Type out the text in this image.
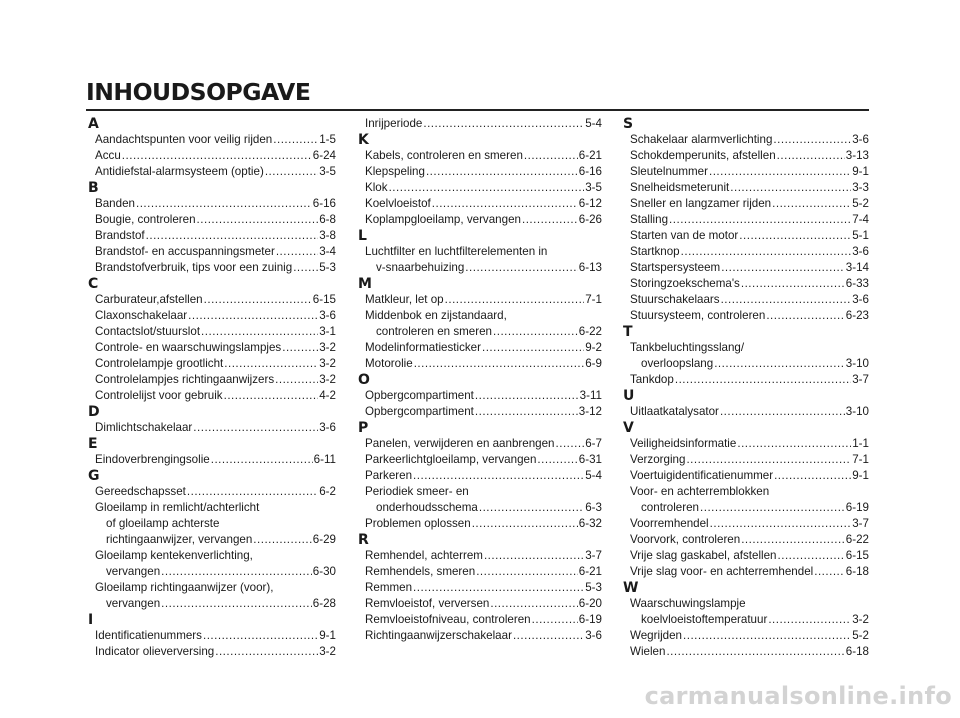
INHOUDSOPGAVE
A
Aandachtspunten voor veilig rijden .....	1-5
Accu .....	6-24
Antidiefstal-alarmsysteem (optie) .....	3-5
B
Banden .....	6-16
Bougie, controleren .....	6-8
Brandstof .....	3-8
Brandstof- en accuspanningsmeter .....	3-4
Brandstofverbruik, tips voor een zuinig ..... 5-3
C
Carburateur,afstellen .....	6-15
Claxonschakelaar .....	3-6
Contactslot/stuurslot .....	3-1
Controle- en waarschuwingslampjes .....	3-2
Controlelampje grootlicht .....	3-2
Controlelampjes richtingaanwijzers .....	3-2
Controlelijst voor gebruik .....	4-2
D
Dimlichtschakelaar .....	3-6
E
Eindoverbrengingsolie .....	6-11
G
Gereedschapsset .....	6-2
Gloeilamp in remlicht/achterlicht
of gloeilamp achterste
richtingaanwijzer, vervangen .....	6-29
Gloeilamp kentekenverlichting,
vervangen .....	6-30
Gloeilamp richtingaanwijzer (voor),
vervangen .....	6-28
I
Identificatienummers .....	9-1
Indicator olieverversing .....	3-2
Inrijperiode .....	5-4
K
Kabels, controleren en smeren .....	6-21
Klepspeling .....	6-16
Klok .....	3-5
Koelvloeistof .....	6-12
Koplampgloeilamp, vervangen .....	6-26
L
Luchtfilter en luchtfilterelementen in
v-snaarbehuizing .....	6-13
M
Matkleur, let op .....	7-1
Middenbok en zijstandaard,
controleren en smeren .....	6-22
Modelinformatiesticker .....	9-2
Motorolie .....	6-9
O
Opbergcompartiment .....	3-11
Opbergcompartiment .....	3-12
P
Panelen, verwijderen en aanbrengen .....	6-7
Parkeerlichtgloeilamp, vervangen .....	6-31
Parkeren .....	5-4
Periodiek smeer- en
onderhoudsschema .....	6-3
Problemen oplossen .....	6-32
R
Remhendel, achterrem .....	3-7
Remhendels, smeren .....	6-21
Remmen .....	5-3
Remvloeistof, verversen .....	6-20
Remvloeistofniveau, controleren .....	6-19
Richtingaanwijzerschakelaar .....	3-6
S
Schakelaar alarmverlichting .....	3-6
Schokdemperunits, afstellen .....	3-13
Sleutelnummer .....	9-1
Snelheidsmeterunit .....	3-3
Sneller en langzamer rijden .....	5-2
Stalling .....	7-4
Starten van de motor .....	5-1
Startknop .....	3-6
Startspersysteem .....	3-14
Storingzoekschema's .....	6-33
Stuurschakelaars .....	3-6
Stuursysteem, controleren .....	6-23
T
Tankbeluchtingsslang/
overloopslang .....	3-10
Tankdop .....	3-7
U
Uitlaatkatalysator .....	3-10
V
Veiligheidsinformatie .....	1-1
Verzorging .....	7-1
Voertuigidentificatienummer .....	9-1
Voor- en achterremblokken
controleren .....	6-19
Voorremhendel .....	3-7
Voorvork, controleren .....	6-22
Vrije slag gaskabel, afstellen .....	6-15
Vrije slag voor- en achterremhendel .....	6-18
W
Waarschuwingslampje
koelvloeistoftemperatuur .....	3-2
Wegrijden .....	5-2
Wielen .....	6-18
carmanualsonline.info
